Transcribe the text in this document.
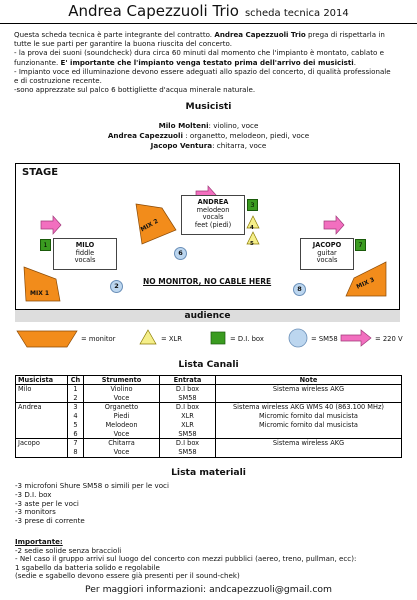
Andrea Capezzuoli Trio scheda tecnica 2014

Questa scheda tecnica è parte integrante del contratto. Andrea Capezzuoli Trio prega di rispettarla in

tutte le sue parti per garantire la buona riuscita del concerto.

- la prova dei suoni (soundcheck) dura circa 60 minuti dal momento che l'impianto è montato, cablato e

funzionante. E' importante che l'impianto venga testato prima dell'arrivo dei musicisti.

- Impianto voce ed illuminazione devono essere adeguati allo spazio del concerto, di qualità professionale

e di costruzione recente.

-sono apprezzate sul palco 6 bottigliette d'acqua minerale naturale.

Musicisti
Milo Molteni: violino, voce
Andrea Capezzuoli : organetto, melodeon, piedi, voce
Jacopo Ventura: chitarra, voce
STAGE
1	MILO
fiddle
vocals
ANDREA
melodeon
vocals
feet (piedi)
3
4
5	JACOPO
guitar
vocals
7
MIX 1
MIX 2
MIX 3
6
2	8
NO MONITOR, NO CABLE HERE
audience
= monitor	= XLR	= D.I. box	= SM58	= 220 V
Lista Canali
Musicista	Ch	Strumento	Entrata	Note
Milo	1	Violino	D.I box	Sistema wireless AKG
	2	Voce	SM58	
Andrea	3	Organetto	D.I box	Sistema wireless AKG WMS 40 (863.100 MHz)
	4	Piedi	XLR	Micromic fornito dal musicista
	5	Melodeon	XLR	Micromic fornito dal musicista
	6	Voce	SM58	
Jacopo	7	Chitarra	D.I box	Sistema wireless AKG
	8	Voce	SM58	
Lista materiali
-3 microfoni Shure SM58 o simili per le voci
-3 D.I. box
-3 aste per le voci
-3 monitors
-3 prese di corrente
Importante:
-2 sedie solide senza braccioli
- Nel caso il gruppo arrivi sul luogo del concerto con mezzi pubblici (aereo, treno, pullman, ecc):
1 sgabello da batteria solido e regolabile
(sedie e sgabello devono essere già presenti per il sound-chek)
Per maggiori informazioni: andcapezzuoli@gmail.com
